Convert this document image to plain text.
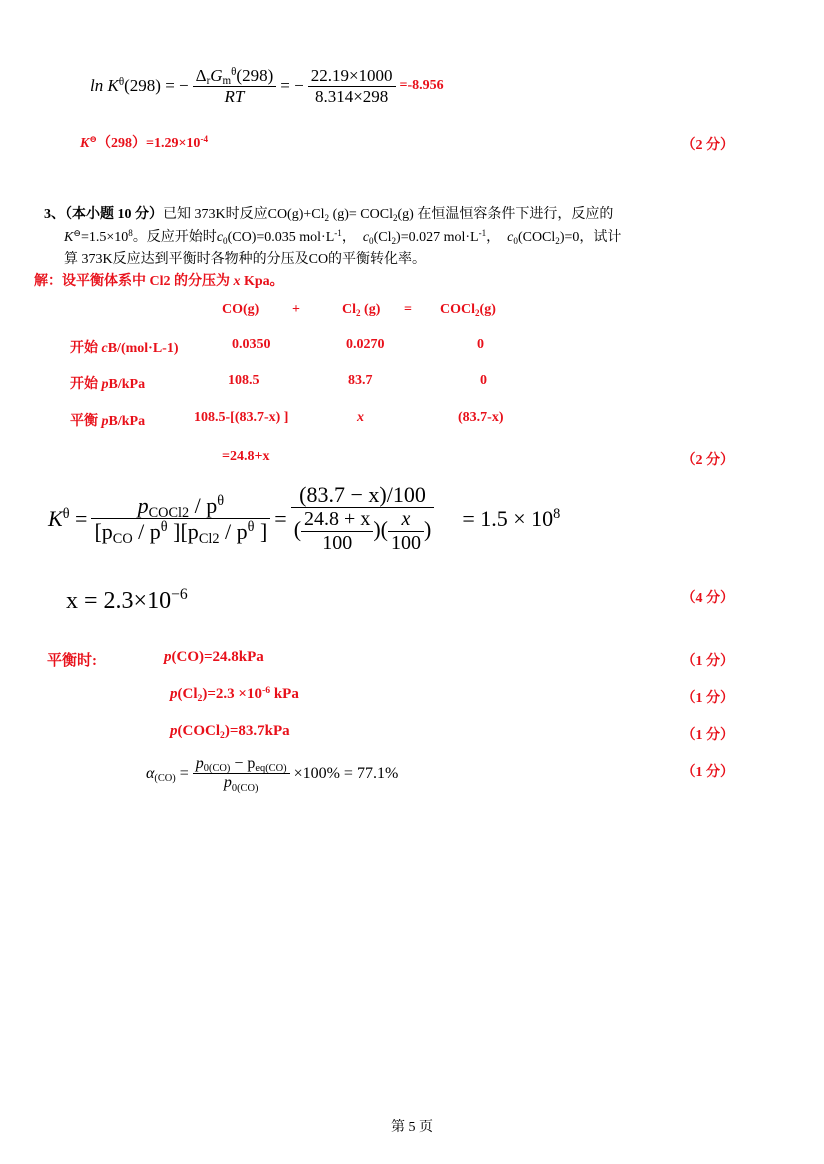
$\ln K^\theta(298)$ = − $\frac{\Delta_rG_m^\theta(298)}{RT}$ = − $\frac{22.19\times 1000}{8.314\times 298} =-8.956$
$K^⊖(298)=1.29\times 10^{-4}$	（2 分）
3、（本小题 10 分）已知 373K时反应$CO(g)+Cl_2$ (g)= COCl$_2$(g) 在恒温恒容条件下进行，反应的
$K^⊖=1.5\times 10^8$。反应开始时$c_0(CO)=0.035$ $mol\cdot L^{-1}$，  $c_0(Cl_2)=0.027$ $mol\cdot L^{-1}$，  $c_0(COCl_2)=0$，试计
算 373K反应达到平衡时各物种的分压及CO的平衡转化率。
解：设平衡体系中 Cl2 的分压为 x Kpa。
CO(g) +	$Cl_2$ (g) = COCl$_2$(g)
开始 cB/(mol·L-1)	0.0350	0.0270	0
开始 pB/kPa	108.5	83.7	0
平衡 pB/kPa	108.5-[(83.7-x) ]	x	(83.7-x)
=24.8+x	（2 分）
$K^\theta = \frac{p_{COCl2} / p^\theta}{[p_{CO} / p^\theta ][p_{Cl2} / p^\theta ]} = \frac{(83.7 - x)/100}{( \frac{24.8 + x}{100} )( \frac{x}{100} )} = 1.5 \times 10^8$
$x = 2.3\times 10^{-6}$	（4 分）
平衡时:	p(CO)=24.8kPa	（1 分）
$p(Cl_2)=2.3 \times 10^{-6}$ kPa	（1 分）
p(COCl$_2$)=83.7kPa	（1 分）
$\alpha_{(CO)} = \frac{p_{0(CO)} - p_{eq(CO)}}{p_{0(CO)}} \times 100\% = 77.1\%$	（1 分）
第 5 页
